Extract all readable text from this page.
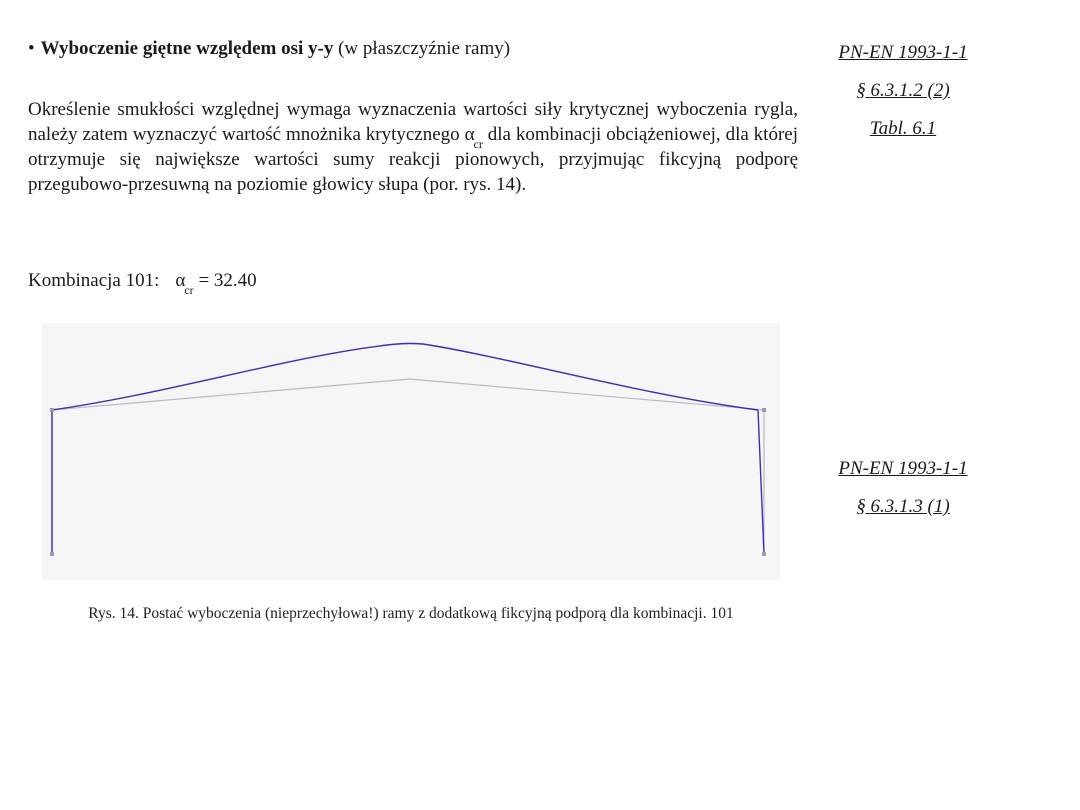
• Wyboczenie giętne względem osi y-y (w płaszczyźnie ramy)

Określenie smukłości względnej wymaga wyznaczenia wartości siły krytycznej wyboczenia rygla, należy zatem wyznaczyć wartość mnożnika krytycznego $\alpha_{cr}$ dla kombinacji obciążeniowej, dla której otrzymuje się największe wartości sumy reakcji pionowych, przyjmując fikcyjną podporę przegubowo-przesuwną na poziomie głowicy słupa (por. rys. 14).

Kombinacja 101: $\alpha_{cr} = 32.40$
Rys. 14. Postać wyboczenia (nieprzechyłowa!) ramy z dodatkową fikcyjną podporą dla kombinacji. 101
PN-EN 1993-1-1
§ 6.3.1.2 (2)
Tabl. 6.1
PN-EN 1993-1-1
§ 6.3.1.3 (1)
